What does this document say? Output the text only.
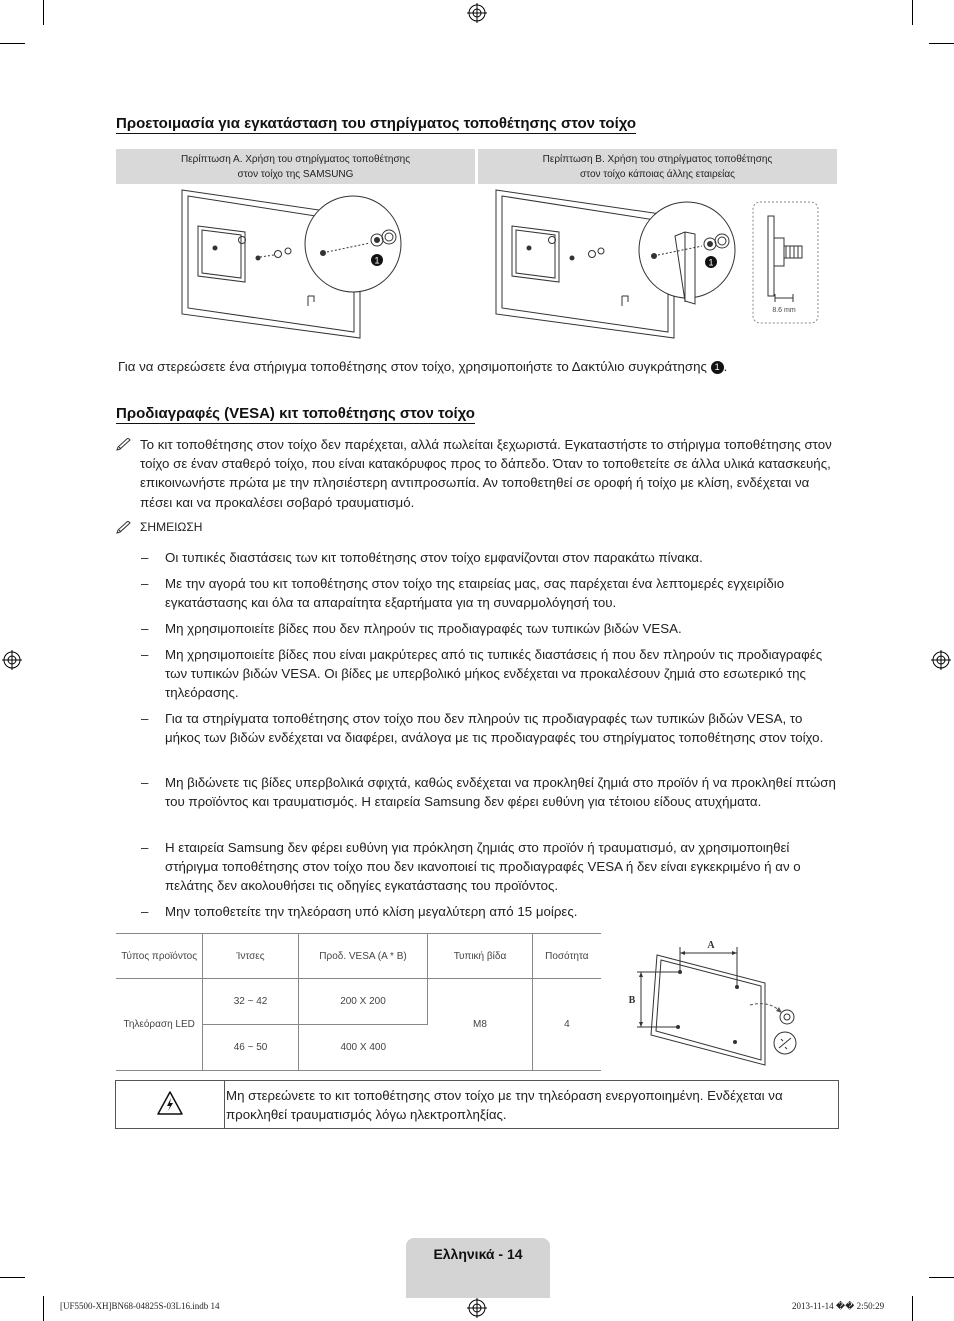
Προετοιμασία για εγκατάσταση του στηρίγματος τοποθέτησης στον τοίχο
Περίπτωση Α. Χρήση του στηρίγματος τοποθέτησης
στον τοίχο της SAMSUNG
Περίπτωση Β. Χρήση του στηρίγματος τοποθέτησης
στον τοίχο κάποιας άλλης εταιρείας
1	1
8.6 mm
Για να στερεώσετε ένα στήριγμα τοποθέτησης στον τοίχο, χρησιμοποιήστε το Δακτύλιο συγκράτησης 1 .
Προδιαγραφές (VESA) κιτ τοποθέτησης στον τοίχο
Το κιτ τοποθέτησης στον τοίχο δεν παρέχεται, αλλά πωλείται ξεχωριστά. Εγκαταστήστε το στήριγμα τοποθέτησης στον τοίχο σε έναν σταθερό τοίχο, που είναι κατακόρυφος προς το δάπεδο. Όταν το τοποθετείτε σε άλλα υλικά κατασκευής, επικοινωνήστε πρώτα με την πλησιέστερη αντιπροσωπία. Αν τοποθετηθεί σε οροφή ή τοίχο με κλίση, ενδέχεται να πέσει και να προκαλέσει σοβαρό τραυματισμό.
ΣΗΜΕΙΩΣΗ
– Οι τυπικές διαστάσεις των κιτ τοποθέτησης στον τοίχο εμφανίζονται στον παρακάτω πίνακα.
– Με την αγορά του κιτ τοποθέτησης στον τοίχο της εταιρείας μας, σας παρέχεται ένα λεπτομερές εγχειρίδιο εγκατάστασης και όλα τα απαραίτητα εξαρτήματα για τη συναρμολόγησή του.
– Μη χρησιμοποιείτε βίδες που δεν πληρούν τις προδιαγραφές των τυπικών βιδών VESA.
– Μη χρησιμοποιείτε βίδες που είναι μακρύτερες από τις τυπικές διαστάσεις ή που δεν πληρούν τις προδιαγραφές των τυπικών βιδών VESA. Οι βίδες με υπερβολικό μήκος ενδέχεται να προκαλέσουν ζημιά στο εσωτερικό της τηλεόρασης.
– Για τα στηρίγματα τοποθέτησης στον τοίχο που δεν πληρούν τις προδιαγραφές των τυπικών βιδών VESA, το μήκος των βιδών ενδέχεται να διαφέρει, ανάλογα με τις προδιαγραφές του στηρίγματος τοποθέτησης στον τοίχο.
– Μη βιδώνετε τις βίδες υπερβολικά σφιχτά, καθώς ενδέχεται να προκληθεί ζημιά στο προϊόν ή να προκληθεί πτώση του προϊόντος και τραυματισμός. Η εταιρεία Samsung δεν φέρει ευθύνη για τέτοιου είδους ατυχήματα.
– Η εταιρεία Samsung δεν φέρει ευθύνη για πρόκληση ζημιάς στο προϊόν ή τραυματισμό, αν χρησιμοποιηθεί στήριγμα τοποθέτησης στον τοίχο που δεν ικανοποιεί τις προδιαγραφές VESA ή δεν είναι εγκεκριμένο ή αν ο πελάτης δεν ακολουθήσει τις οδηγίες εγκατάστασης του προϊόντος.
– Μην τοποθετείτε την τηλεόραση υπό κλίση μεγαλύτερη από 15 μοίρες.
Τύπος προϊόντος	Ίντσες	Προδ. VESA (A * B)	Τυπική βίδα	Ποσότητα
Τηλεόραση LED	32 ~ 42	200 X 200	M8	4
	46 ~ 50	400 X 400		
A
B
Μη στερεώνετε το κιτ τοποθέτησης στον τοίχο με την τηλεόραση ενεργοποιημένη. Ενδέχεται να προκληθεί τραυματισμός λόγω ηλεκτροπληξίας.
Ελληνικά - 14
[UF5500-XH]BN68-04825S-03L16.indb 14	2013-11-14 �� 2:50:29
